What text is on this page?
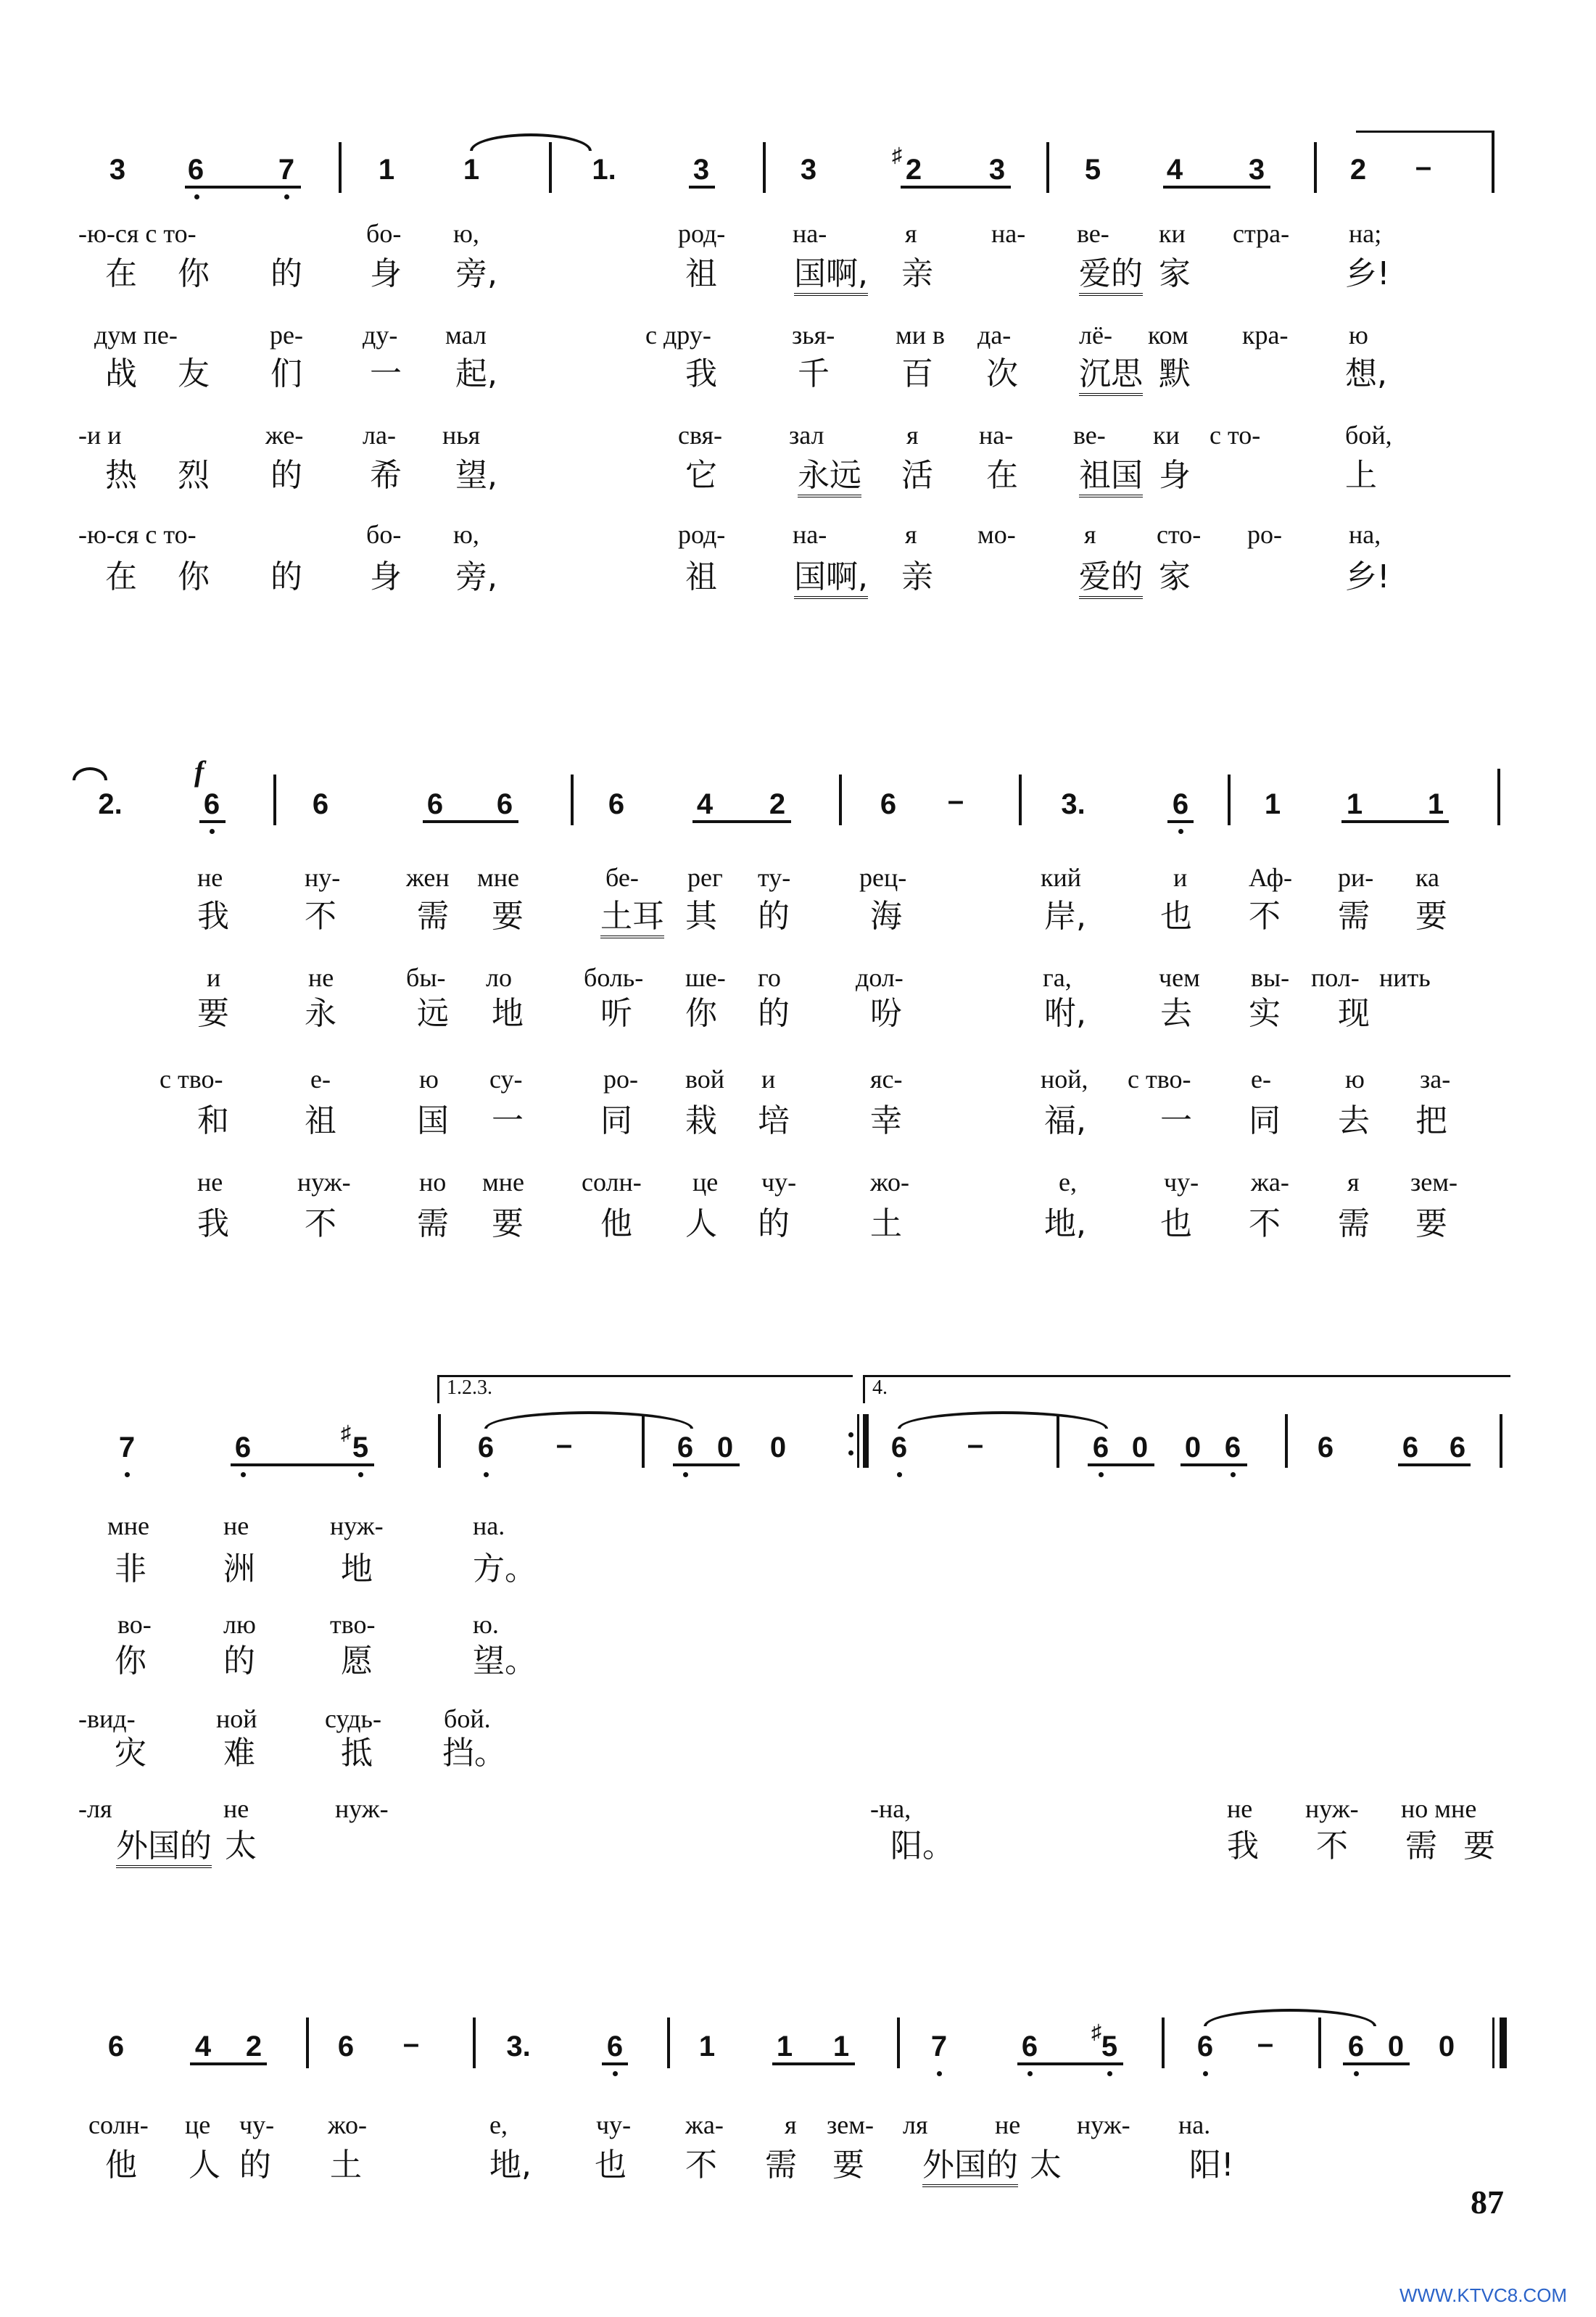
3 6	7	1 1	1.	3	3	♯ 2 3	5 4 3	2 –
-ю-ся с то-	бо- ю,	род-	на-	я	на- ве- ки стра- на;
在 你 的 身 旁,	祖 国啊, 亲	爱的 家	乡!
дум пе-	ре- ду- мал	с дру-	зья- ми в да-	лё- ком кра- ю
战 友 们 一 起,	我	千 百 次 沉思 默	想,
-и и	же- ла- нья	свя-	зал	я на- ве- ки с то-	бой,
热 烈 的 希 望,	它	永远 活 在 祖国 身	上
-ю-ся с то-	бо- ю,	род-	на-	я мо-	я сто- ро-	на,
在 你 的 身 旁,	祖 国啊, 亲	爱的 家	乡!
2.
f
6	6	6 6	6 4 2	6 –	3.	6	1 1 1
не	ну-	жен мне	бе- рег ту-	рец-	кий	и Аф- ри- ка
我 不	需 要 土耳 其 的	海	岸, 也 不 需 要
и	не	бы- ло	боль- ше- го	дол-	га,	чем вы- пол- нить
要 永	远 地 听 你 的	吩	咐, 去 实 现
с тво-	е-	ю су-	ро- вой и	яс-	ной, с тво- е-	ю за-
和 祖	国 一 同 栽 培	幸	福, 一 同 去 把
не	нуж-	но мне солн- це чу-	жо-	е,	чу- жа- я зем-
我 不	需 要 他 人 的	土	地, 也 不 需 要
1.2.3.	4.
7	6	♯ 5	6 –	6 0 0	6 –	6 0 0 6	6 6 6
мне	не	нуж-	на.
非 洲	地	方。
во-	лю	тво-	ю.
你 的	愿	望。
-вид-	ной	судь- бой.
灾 难	抵 挡。
-ля	не	нуж-	-на,	не нуж- но мне
外国的 太	阳。	我 不 需 要
6 4 2	6 –	3.	6	1 1 1	7	6	♯ 5	6 –	6 0 0
солн- це чу- жо-	е,	чу- жа- я зем- ля	не нуж- на.
他 人 的 土	地, 也 不 需 要 外国的 太	阳!
87
WWW.KTVC8.COM
